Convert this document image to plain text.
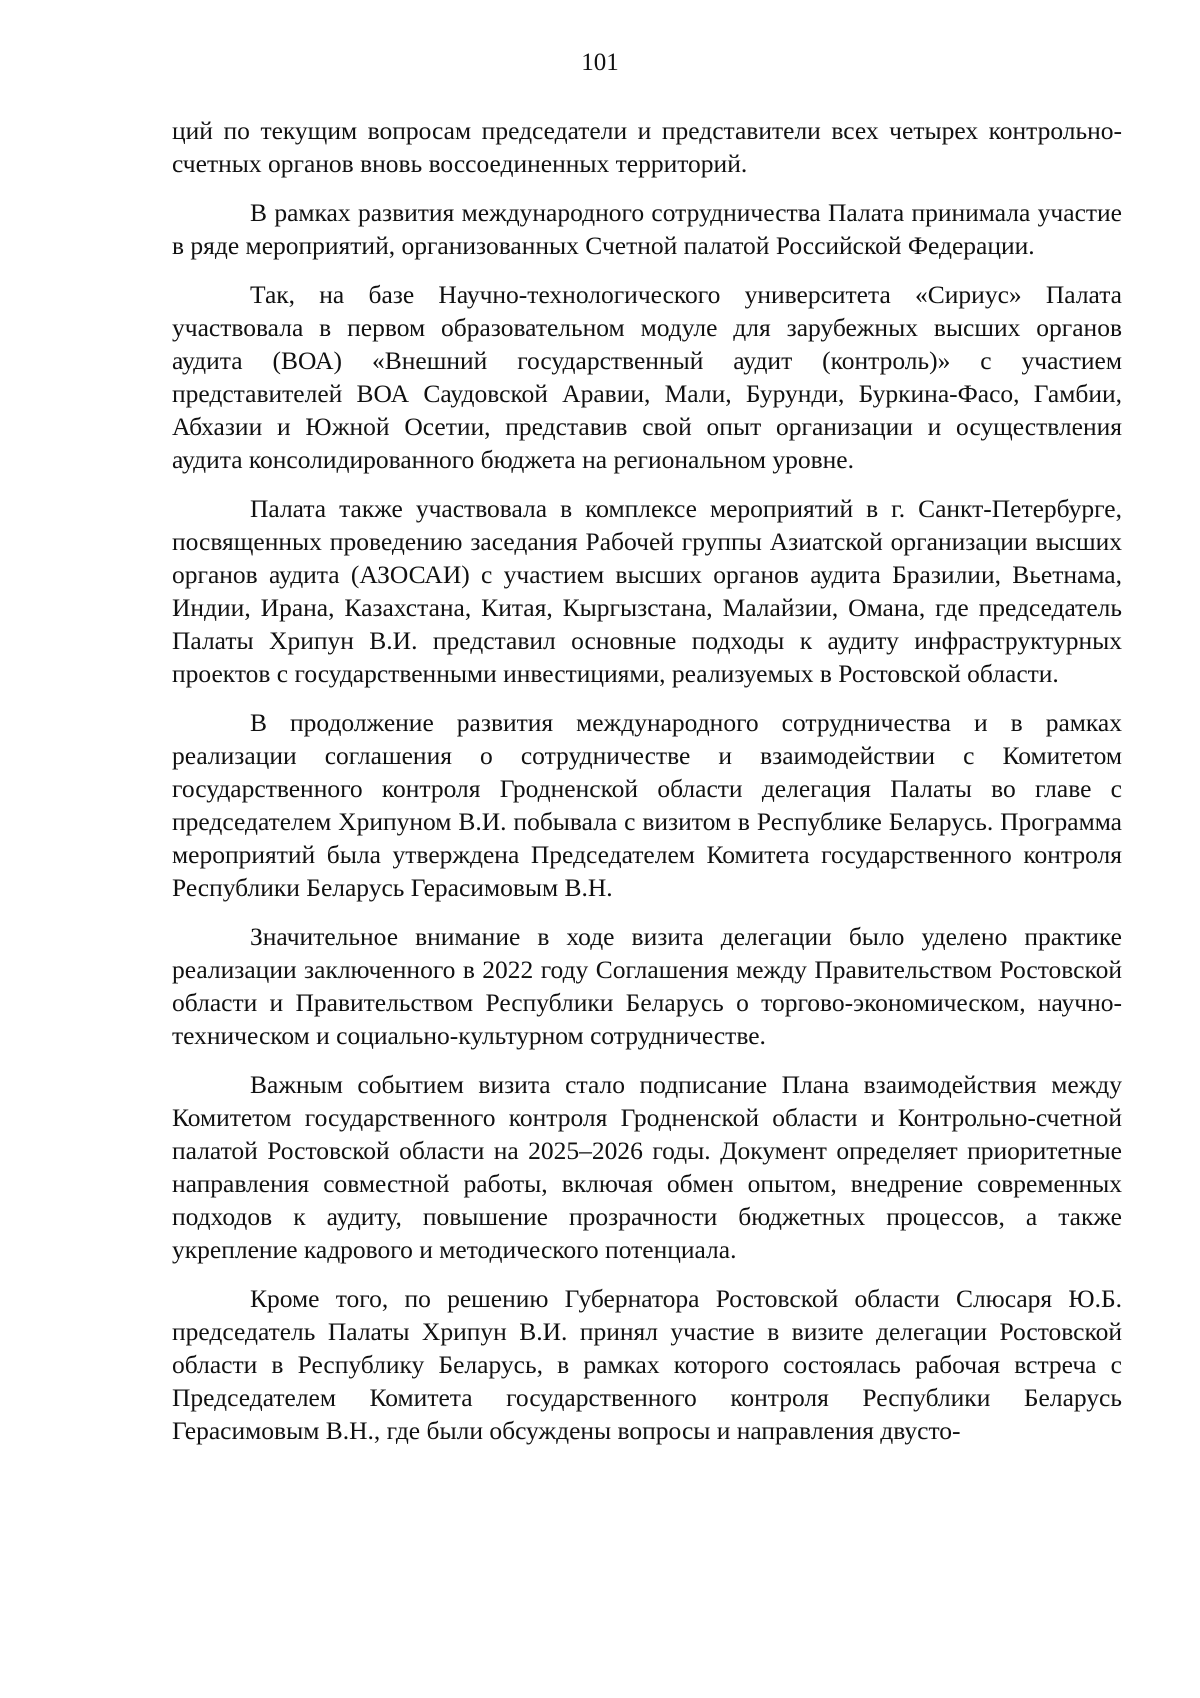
101

ций по текущим вопросам председатели и представители всех четырех контрольно-счетных органов вновь воссоединенных территорий.

В рамках развития международного сотрудничества Палата принимала участие в ряде мероприятий, организованных Счетной палатой Российской Федерации.

Так, на базе Научно-технологического университета «Сириус» Палата участвовала в первом образовательном модуле для зарубежных высших органов аудита (ВОА) «Внешний государственный аудит (контроль)» с участием представителей ВОА Саудовской Аравии, Мали, Бурунди, Буркина-Фасо, Гамбии, Абхазии и Южной Осетии, представив свой опыт организации и осуществления аудита консолидированного бюджета на региональном уровне.

Палата также участвовала в комплексе мероприятий в г. Санкт-Петербурге, посвященных проведению заседания Рабочей группы Азиатской организации высших органов аудита (АЗОСАИ) с участием высших органов аудита Бразилии, Вьетнама, Индии, Ирана, Казахстана, Китая, Кыргызстана, Малайзии, Омана, где председатель Палаты Хрипун В.И. представил основные подходы к аудиту инфраструктурных проектов с государственными инвестициями, реализуемых в Ростовской области.

В продолжение развития международного сотрудничества и в рамках реализации соглашения о сотрудничестве и взаимодействии с Комитетом государственного контроля Гродненской области делегация Палаты во главе с председателем Хрипуном В.И. побывала с визитом в Республике Беларусь. Программа мероприятий была утверждена Председателем Комитета государственного контроля Республики Беларусь Герасимовым В.Н.

Значительное внимание в ходе визита делегации было уделено практике реализации заключенного в 2022 году Соглашения между Правительством Ростовской области и Правительством Республики Беларусь о торгово-экономическом, научно-техническом и социально-культурном сотрудничестве.

Важным событием визита стало подписание Плана взаимодействия между Комитетом государственного контроля Гродненской области и Контрольно-счетной палатой Ростовской области на 2025–2026 годы. Документ определяет приоритетные направления совместной работы, включая обмен опытом, внедрение современных подходов к аудиту, повышение прозрачности бюджетных процессов, а также укрепление кадрового и методического потенциала.

Кроме того, по решению Губернатора Ростовской области Слюсаря Ю.Б. председатель Палаты Хрипун В.И. принял участие в визите делегации Ростовской области в Республику Беларусь, в рамках которого состоялась рабочая встреча с Председателем Комитета государственного контроля Республики Беларусь Герасимовым В.Н., где были обсуждены вопросы и направления двусто-
